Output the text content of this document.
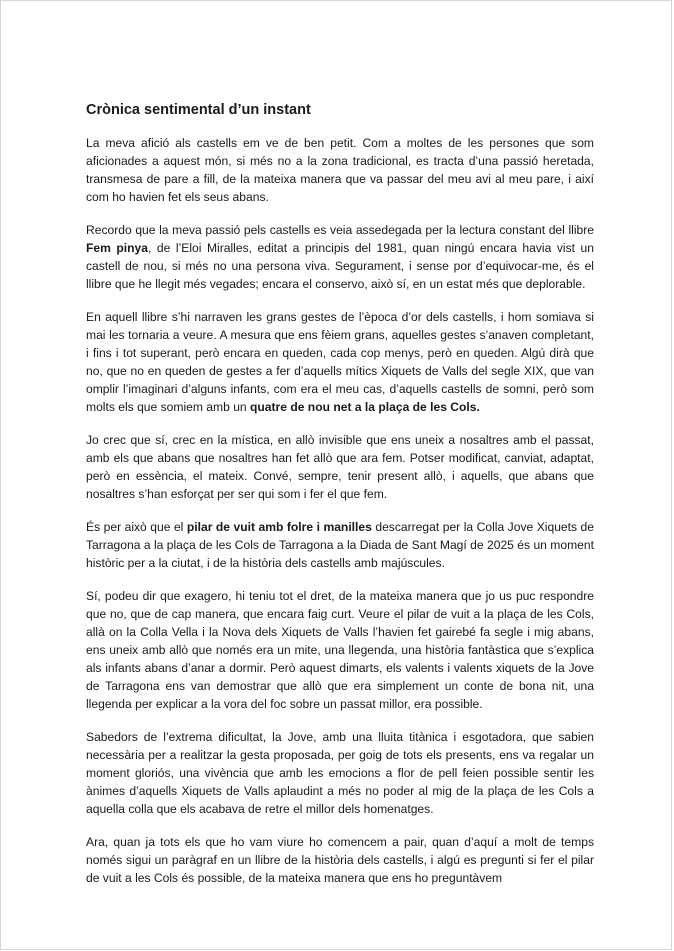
Crònica sentimental d’un instant

La meva afició als castells em ve de ben petit. Com a moltes de les persones que som aficionades a aquest món, si més no a la zona tradicional, es tracta d’una passió heretada, transmesa de pare a fill, de la mateixa manera que va passar del meu avi al meu pare, i així com ho havien fet els seus abans.

Recordo que la meva passió pels castells es veia assedegada per la lectura constant del llibre Fem pinya, de l’Eloi Miralles, editat a principis del 1981, quan ningú encara havia vist un castell de nou, si més no una persona viva. Segurament, i sense por d’equivocar-me, és el llibre que he llegit més vegades; encara el conservo, això sí, en un estat més que deplorable.

En aquell llibre s’hi narraven les grans gestes de l’època d’or dels castells, i hom somiava si mai les tornaria a veure. A mesura que ens fèiem grans, aquelles gestes s’anaven completant, i fins i tot superant, però encara en queden, cada cop menys, però en queden. Algú dirà que no, que no en queden de gestes a fer d’aquells mítics Xiquets de Valls del segle XIX, que van omplir l’imaginari d’alguns infants, com era el meu cas, d’aquells castells de somni, però som molts els que somiem amb un quatre de nou net a la plaça de les Cols.

Jo crec que sí, crec en la mística, en allò invisible que ens uneix a nosaltres amb el passat, amb els que abans que nosaltres han fet allò que ara fem. Potser modificat, canviat, adaptat, però en essència, el mateix. Convé, sempre, tenir present allò, i aquells, que abans que nosaltres s’han esforçat per ser qui som i fer el que fem.

És per això que el pilar de vuit amb folre i manilles descarregat per la Colla Jove Xiquets de Tarragona a la plaça de les Cols de Tarragona a la Diada de Sant Magí de 2025 és un moment històric per a la ciutat, i de la història dels castells amb majúscules.

Sí, podeu dir que exagero, hi teniu tot el dret, de la mateixa manera que jo us puc respondre que no, que de cap manera, que encara faig curt. Veure el pilar de vuit a la plaça de les Cols, allà on la Colla Vella i la Nova dels Xiquets de Valls l’havien fet gairebé fa segle i mig abans, ens uneix amb allò que només era un mite, una llegenda, una història fantàstica que s’explica als infants abans d’anar a dormir. Però aquest dimarts, els valents i valents xiquets de la Jove de Tarragona ens van demostrar que allò que era simplement un conte de bona nit, una llegenda per explicar a la vora del foc sobre un passat millor, era possible.

Sabedors de l’extrema dificultat, la Jove, amb una lluita titànica i esgotadora, que sabien necessària per a realitzar la gesta proposada, per goig de tots els presents, ens va regalar un moment gloriós, una vivència que amb les emocions a flor de pell feien possible sentir les ànimes d’aquells Xiquets de Valls aplaudint a més no poder al mig de la plaça de les Cols a aquella colla que els acabava de retre el millor dels homenatges.

Ara, quan ja tots els que ho vam viure ho comencem a pair, quan d’aquí a molt de temps només sigui un paràgraf en un llibre de la història dels castells, i algú es pregunti si fer el pilar de vuit a les Cols és possible, de la mateixa manera que ens ho preguntàvem
